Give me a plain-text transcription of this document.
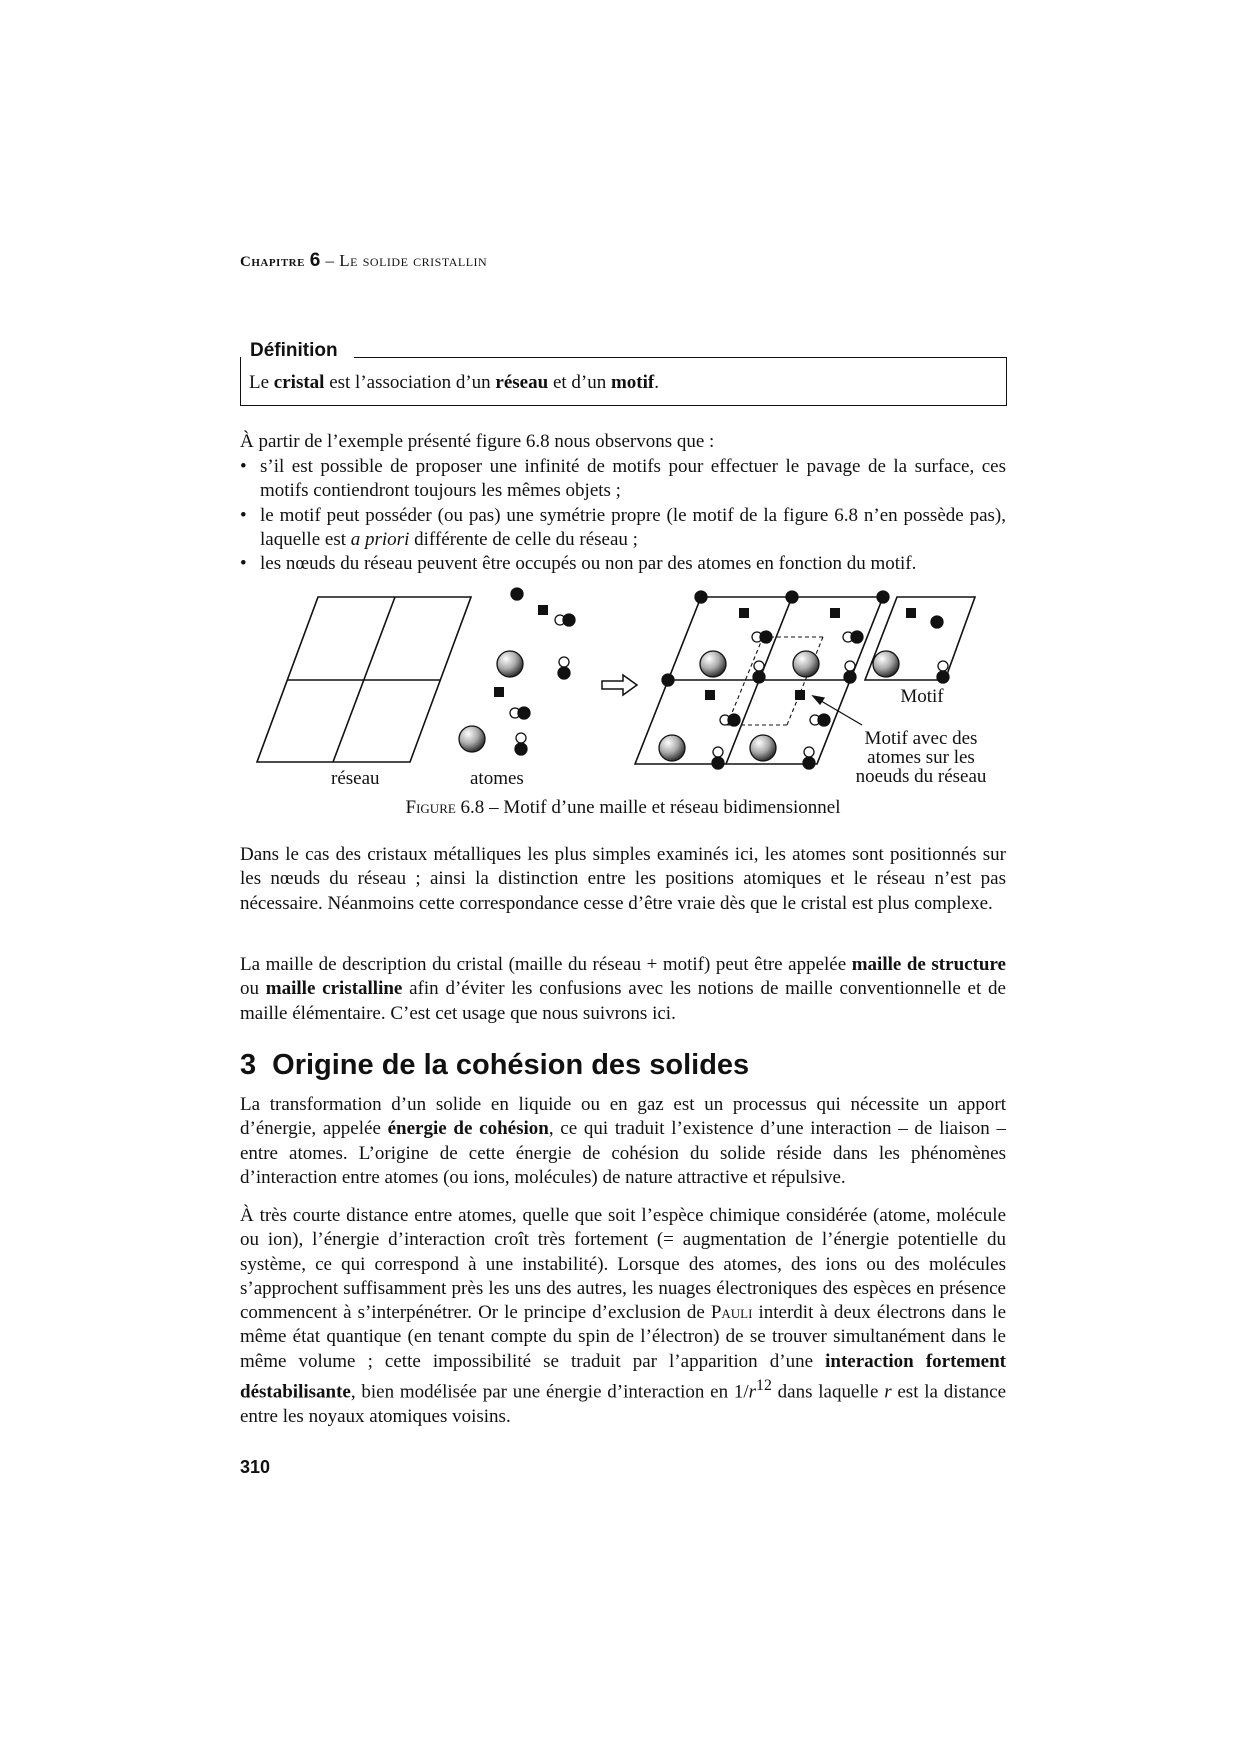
Chapitre 6 – Le solide cristallin
Définition
Le cristal est l’association d’un réseau et d’un motif.

À partir de l’exemple présenté figure 6.8 nous observons que :

• s’il est possible de proposer une infinité de motifs pour effectuer le pavage de la surface, ces motifs contiendront toujours les mêmes objets ;
• le motif peut posséder (ou pas) une symétrie propre (le motif de la figure 6.8 n’en possède pas), laquelle est a priori différente de celle du réseau ;
• les nœuds du réseau peuvent être occupés ou non par des atomes en fonction du motif.
réseau	atomes
Motif
Motif avec des
atomes sur les
noeuds du réseau
Figure 6.8 – Motif d’une maille et réseau bidimensionnel

Dans le cas des cristaux métalliques les plus simples examinés ici, les atomes sont positionnés sur les nœuds du réseau ; ainsi la distinction entre les positions atomiques et le réseau n’est pas nécessaire. Néanmoins cette correspondance cesse d’être vraie dès que le cristal est plus complexe.

La maille de description du cristal (maille du réseau + motif) peut être appelée maille de structure ou maille cristalline afin d’éviter les confusions avec les notions de maille conventionnelle et de maille élémentaire. C’est cet usage que nous suivrons ici.

3 Origine de la cohésion des solides

La transformation d’un solide en liquide ou en gaz est un processus qui nécessite un apport d’énergie, appelée énergie de cohésion, ce qui traduit l’existence d’une interaction – de liaison – entre atomes. L’origine de cette énergie de cohésion du solide réside dans les phénomènes d’interaction entre atomes (ou ions, molécules) de nature attractive et répulsive.

À très courte distance entre atomes, quelle que soit l’espèce chimique considérée (atome, molécule ou ion), l’énergie d’interaction croît très fortement (= augmentation de l’énergie potentielle du système, ce qui correspond à une instabilité). Lorsque des atomes, des ions ou des molécules s’approchent suffisamment près les uns des autres, les nuages électroniques des espèces en présence commencent à s’interpénétrer. Or le principe d’exclusion de Pauli interdit à deux électrons dans le même état quantique (en tenant compte du spin de l’électron) de se trouver simultanément dans le même volume ; cette impossibilité se traduit par l’apparition d’une interaction fortement déstabilisante, bien modélisée par une énergie d’interaction en $1/r^{12}$ dans laquelle r est la distance entre les noyaux atomiques voisins.

310
